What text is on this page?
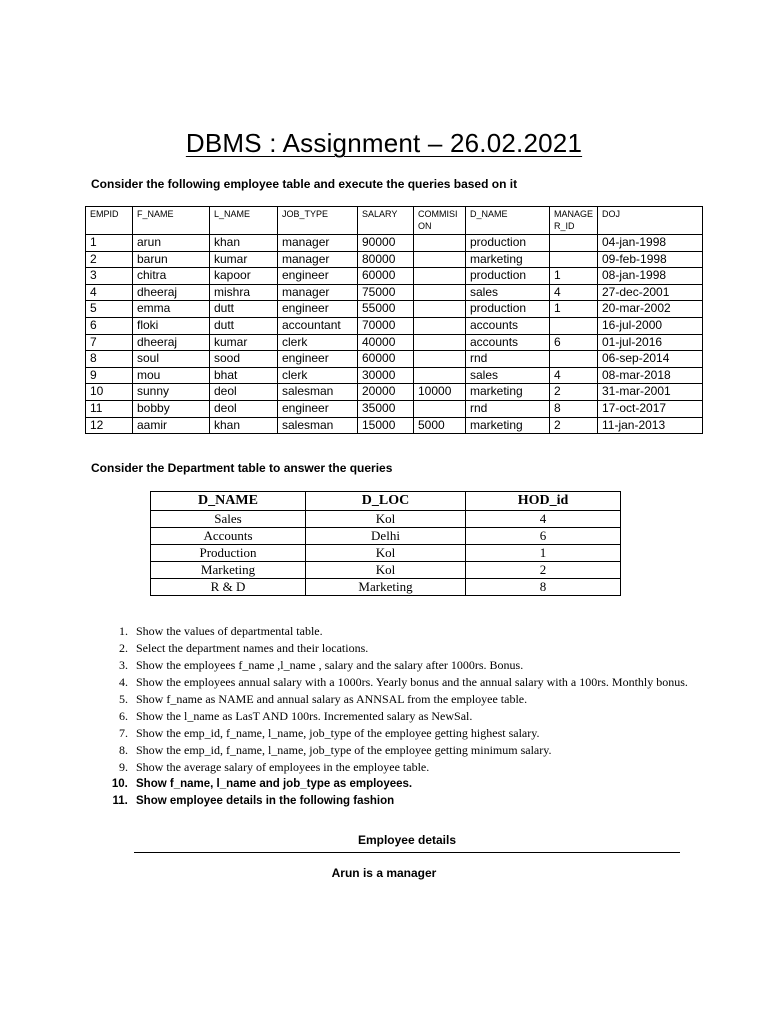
DBMS : Assignment – 26.02.2021
Consider the following employee table and execute the queries based on it
EMPID	F_NAME	L_NAME	JOB_TYPE	SALARY	COMMISION	D_NAME	MANAGER_ID	DOJ
1	arun	khan	manager	90000		production		04-jan-1998
2	barun	kumar	manager	80000		marketing		09-feb-1998
3	chitra	kapoor	engineer	60000		production	1	08-jan-1998
4	dheeraj	mishra	manager	75000		sales	4	27-dec-2001
5	emma	dutt	engineer	55000		production	1	20-mar-2002
6	floki	dutt	accountant	70000		accounts		16-jul-2000
7	dheeraj	kumar	clerk	40000		accounts	6	01-jul-2016
8	soul	sood	engineer	60000		rnd		06-sep-2014
9	mou	bhat	clerk	30000		sales	4	08-mar-2018
10	sunny	deol	salesman	20000	10000	marketing	2	31-mar-2001
11	bobby	deol	engineer	35000		rnd	8	17-oct-2017
12	aamir	khan	salesman	15000	5000	marketing	2	11-jan-2013
Consider the Department table to answer the queries
D_NAME	D_LOC	HOD_id
Sales	Kol	4
Accounts	Delhi	6
Production	Kol	1
Marketing	Kol	2
R & D	Marketing	8
1. Show the values of departmental table.
2. Select the department names and their locations.
3. Show the employees f_name ,l_name , salary and the salary after 1000rs. Bonus.
4. Show the employees annual salary with a 1000rs. Yearly bonus and the annual salary with a 100rs. Monthly bonus.
5. Show f_name as NAME and annual salary as ANNSAL from the employee table.
6. Show the l_name as LasT AND 100rs. Incremented salary as NewSal.
7. Show the emp_id, f_name, l_name, job_type of the employee getting highest salary.
8. Show the emp_id, f_name, l_name, job_type of the employee getting minimum salary.
9. Show the average salary of employees in the employee table.
10. Show f_name, l_name and job_type as employees.
11. Show employee details in the following fashion
Employee details
Arun is a manager
